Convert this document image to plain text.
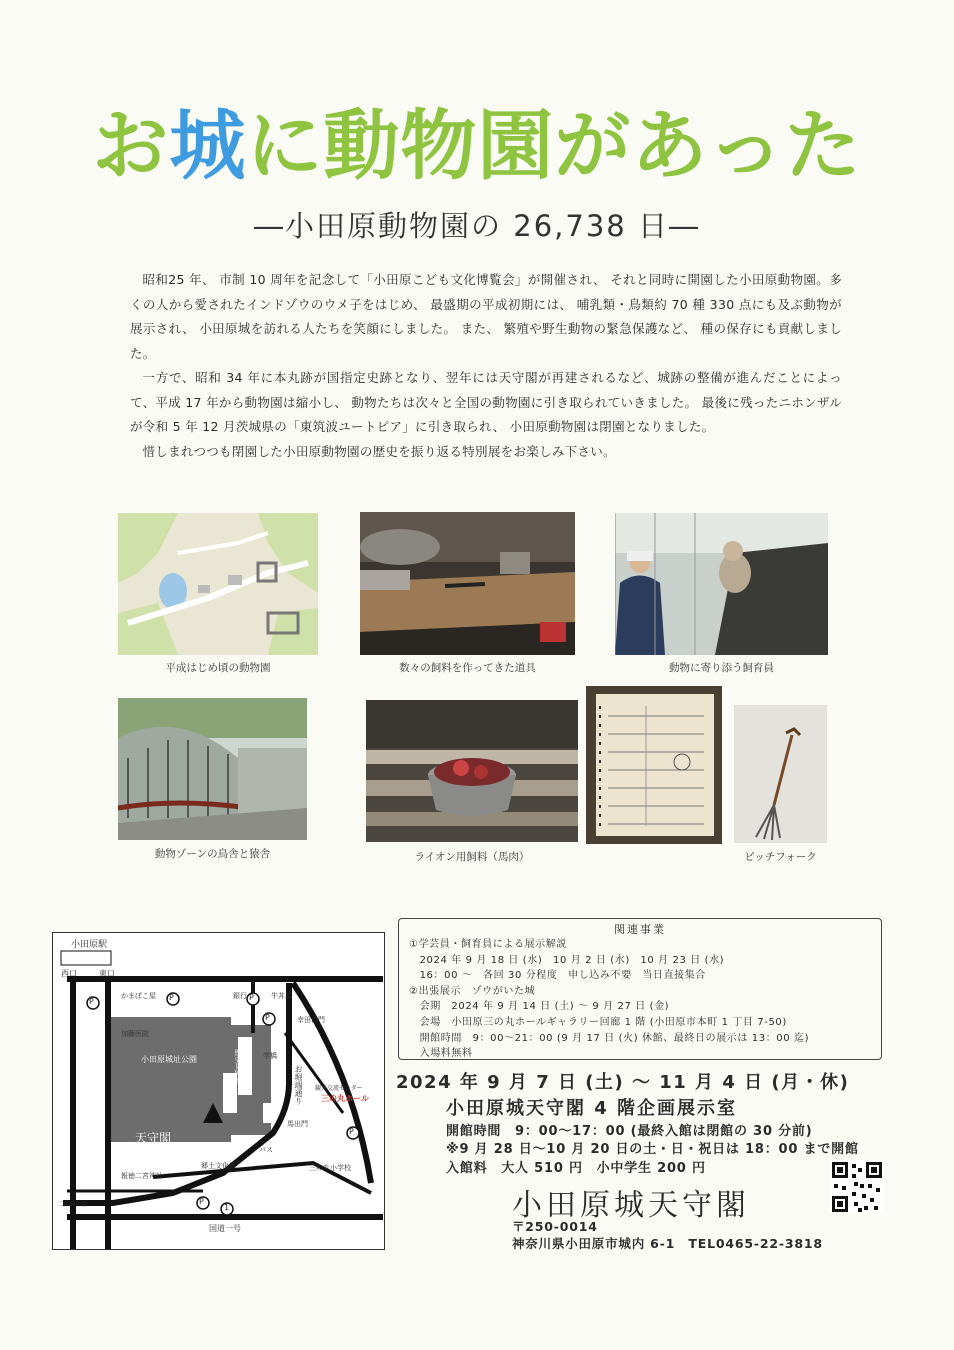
お城に動物園があった
―小田原動物園の 26,738 日―

昭和25 年、 市制 10 周年を記念して「小田原こども文化博覧会」が開催され、 それと同時に開園した小田原動物園。多くの人から愛されたインドゾウのウメ子をはじめ、 最盛期の平成初期には、 哺乳類・鳥類約 70 種 330 点にも及ぶ動物が展示され、 小田原城を訪れる人たちを笑顔にしました。 また、 繁殖や野生動物の緊急保護など、 種の保存にも貢献しました。

一方で、昭和 34 年に本丸跡が国指定史跡となり、翌年には天守閣が再建されるなど、城跡の整備が進んだことによって、平成 17 年から動物園は縮小し、 動物たちは次々と全国の動物園に引き取られていきました。 最後に残ったニホンザルが令和 5 年 12 月茨城県の「東筑波ユートピア」に引き取られ、 小田原動物園は閉園となりました。

惜しまれつつも閉園した小田原動物園の歴史を振り返る特別展をお楽しみ下さい。

平成はじめ頃の動物園	数々の飼料を作ってきた道具	動物に寄り添う飼育員
動物ゾーンの鳥舎と猿舎	ライオン用飼料（馬肉）	ピッチフォーク
小田原駅
西口	東口
かまぼこ屋	銀行	牛丼屋
幸田口門
加藤医院
小田原城址公園	歴史見聞館
常盤木門
天守閣
学橋
お堀端通り 観光交流センター
三の丸ホール
馬出門
郷土文化館
報徳二宮神社
三の丸小学校
バス
国道一号
二宮神社前
P	P	P
P
P
P
1
関連事業
①学芸員・飼育員による展示解説
　2024 年 9 月 18 日 (水)　10 月 2 日 (水)　10 月 23 日 (水)
　16：00 ～　各回 30 分程度　申し込み不要　当日直接集合
②出張展示　ゾウがいた城
　会期　2024 年 9 月 14 日 (土) ～ 9 月 27 日 (金)
　会場　小田原三の丸ホールギャラリー回廊 1 階 (小田原市本町 1 丁目 7-50)
　開館時間　9：00～21：00 (9 月 17 日 (火) 休館、最終日の展示は 13：00 迄)
　入場料無料
2024 年 9 月 7 日 (土) ～ 11 月 4 日 (月・休)
小田原城天守閣 4 階企画展示室
開館時間　9：00～17：00 (最終入館は閉館の 30 分前)
※9 月 28 日～10 月 20 日の土・日・祝日は 18：00 まで開館
入館料　大人 510 円　小中学生 200 円
小田原城天守閣
〒250-0014
神奈川県小田原市城内 6-1　TEL0465-22-3818
